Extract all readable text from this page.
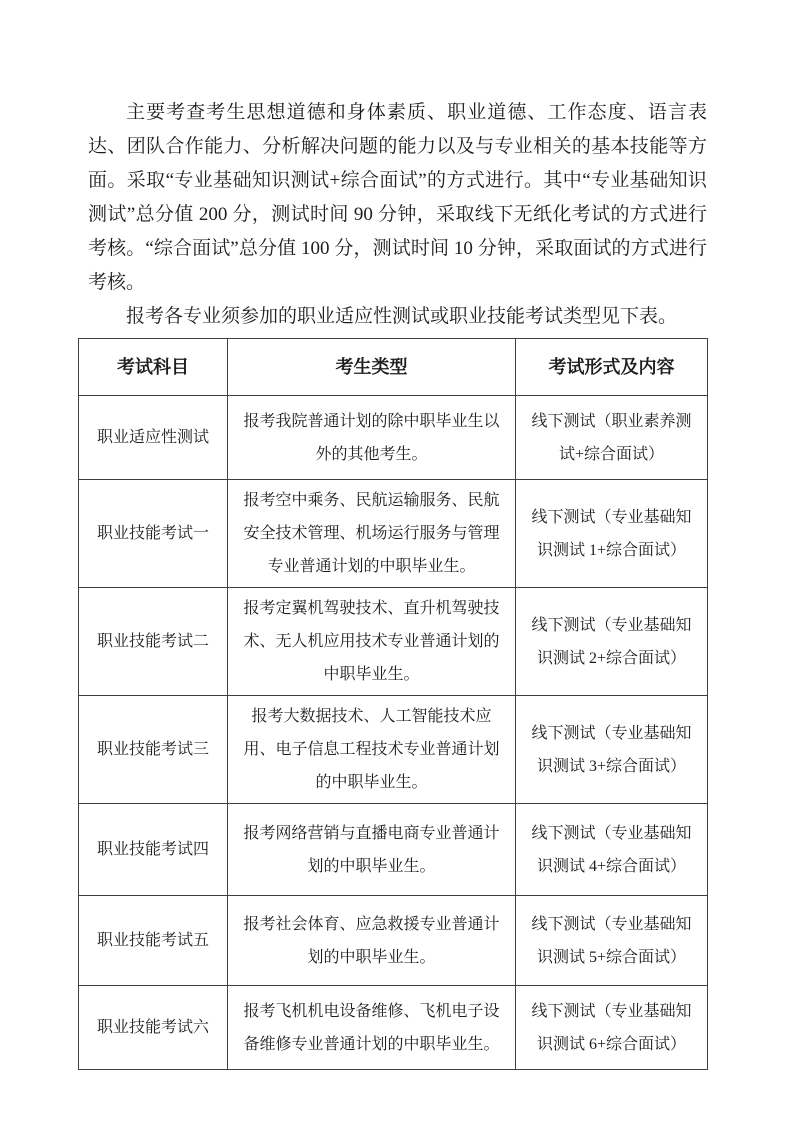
主要考查考生思想道德和身体素质、职业道德、工作态度、语言表达、团队合作能力、分析解决问题的能力以及与专业相关的基本技能等方面。采取“专业基础知识测试+综合面试”的方式进行。其中“专业基础知识测试”总分值 200 分，测试时间 90 分钟，采取线下无纸化考试的方式进行考核。“综合面试”总分值 100 分，测试时间 10 分钟，采取面试的方式进行考核。

报考各专业须参加的职业适应性测试或职业技能考试类型见下表。

考试科目	考生类型	考试形式及内容
职业适应性测试	报考我院普通计划的除中职毕业生以外的其他考生。	线下测试（职业素养测试+综合面试）
职业技能考试一	报考空中乘务、民航运输服务、民航安全技术管理、机场运行服务与管理专业普通计划的中职毕业生。	线下测试（专业基础知识测试 1+综合面试）
职业技能考试二	报考定翼机驾驶技术、直升机驾驶技术、无人机应用技术专业普通计划的中职毕业生。	线下测试（专业基础知识测试 2+综合面试）
职业技能考试三	报考大数据技术、人工智能技术应用、电子信息工程技术专业普通计划的中职毕业生。	线下测试（专业基础知识测试 3+综合面试）
职业技能考试四	报考网络营销与直播电商专业普通计划的中职毕业生。	线下测试（专业基础知识测试 4+综合面试）
职业技能考试五	报考社会体育、应急救援专业普通计划的中职毕业生。	线下测试（专业基础知识测试 5+综合面试）
职业技能考试六	报考飞机机电设备维修、飞机电子设备维修专业普通计划的中职毕业生。	线下测试（专业基础知识测试 6+综合面试）
